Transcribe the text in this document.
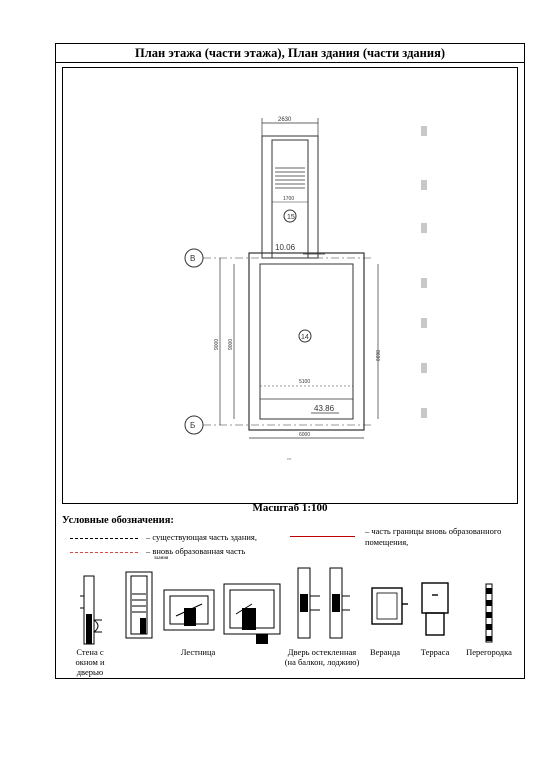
План этажа (части этажа), План здания (части здания)
2630
1700
15
10.06
В
Б
14
9000 9000
8690
5100
43.86
6000
кн.
Масштаб 1:100
Условные обозначения:
– существующая часть здания,
– вновь образованная часть
здания
– часть границы вновь образованного помещения,
Стена с окном и дверью
Лестница	Дверь остекленная (на балкон, лоджию)
Веранда	Терраса	Перегородка
